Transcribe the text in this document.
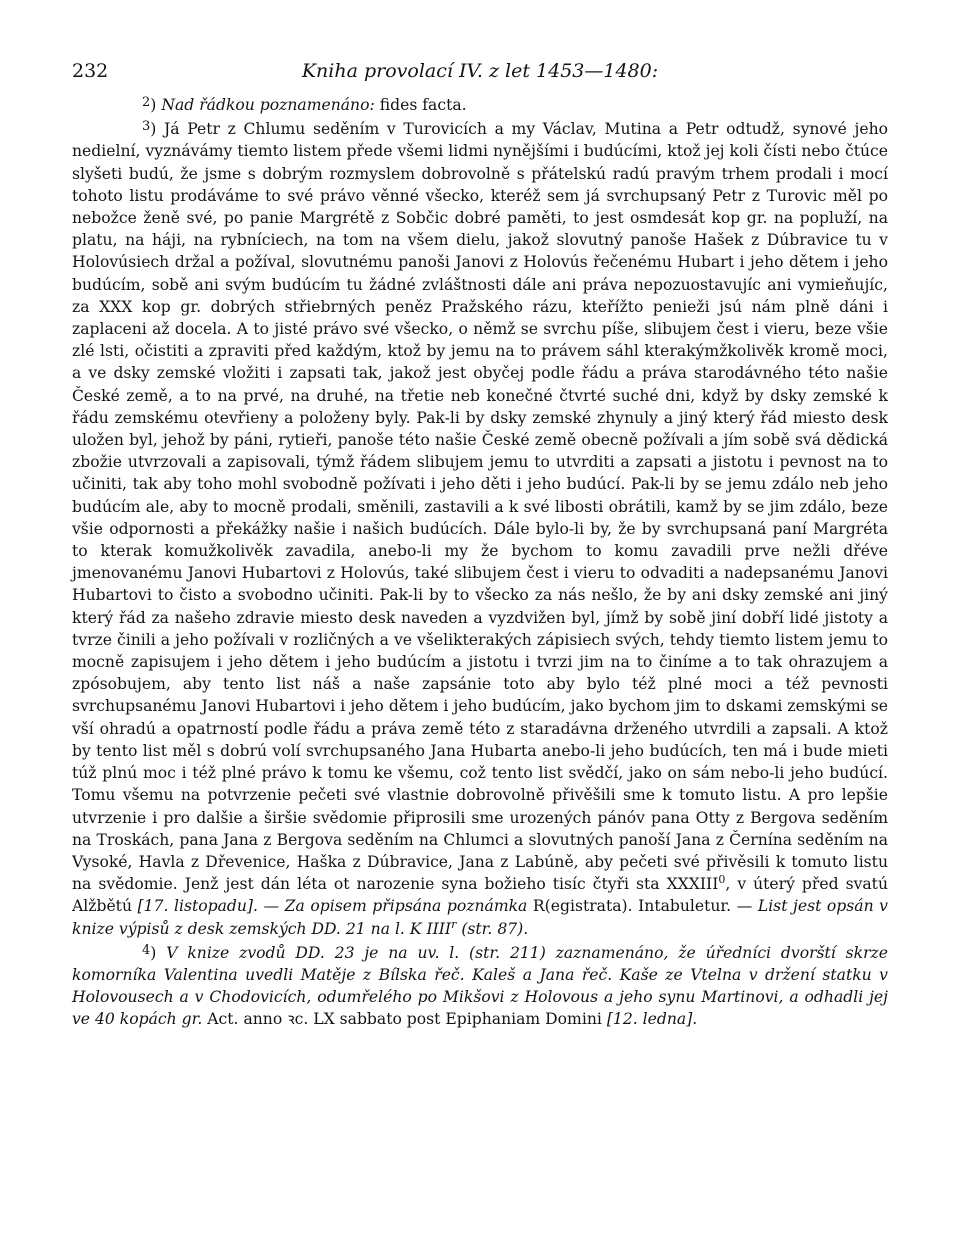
232	Kniha provolací IV. z let 1453—1480:

$^2$) Nad řádkou poznamenáno: fides facta.

$^3$) Já Petr z Chlumu seděním v Turovicích a my Václav, Mutina a Petr odtudž, synové jeho nedielní, vyznávámy tiemto listem přede všemi lidmi nynějšími i budúcími, ktož jej koli čísti nebo čtúce slyšeti budú, že jsme s dobrým rozmyslem dobrovolně s přátelskú radú pravým trhem prodali i mocí tohoto listu prodáváme to své právo věnné všecko, kteréž sem já svrchupsaný Petr z Turovic měl po nebožce ženě své, po panie Margrétě z Sobčic dobré paměti, to jest osmdesát kop gr. na popluží, na platu, na háji, na rybníciech, na tom na všem dielu, jakož slovutný panoše Hašek z Dúbravice tu v Holovúsiech držal a požíval, slovutnému panoši Janovi z Holovús řečenému Hubart i jeho dětem i jeho budúcím, sobě ani svým budúcím tu žádné zvláštnosti dále ani práva nepozuostavujíc ani vymieňujíc, za XXX kop gr. dobrých střiebrných peněz Pražského rázu, kteřížto penieži jsú nám plně dáni i zaplaceni až docela. A to jisté právo své všecko, o němž se svrchu píše, slibujem čest i vieru, beze všie zlé lsti, očistiti a zpraviti před každým, ktož by jemu na to právem sáhl kterakýmžkolivěk kromě moci, a ve dsky zemské vložiti i zapsati tak, jakož jest obyčej podle řádu a práva starodávného této našie České země, a to na prvé, na druhé, na třetie neb konečné čtvrté suché dni, když by dsky zemské k řádu zemskému otevřieny a položeny byly. Pak-li by dsky zemské zhynuly a jiný který řád miesto desk uložen byl, jehož by páni, rytieři, panoše této našie České země obecně požívali a jím sobě svá dědická zbožie utvrzovali a zapisovali, týmž řádem slibujem jemu to utvrditi a zapsati a jistotu i pevnost na to učiniti, tak aby toho mohl svobodně požívati i jeho děti i jeho budúcí. Pak-li by se jemu zdálo neb jeho budúcím ale, aby to mocně prodali, směnili, zastavili a k své libosti obrátili, kamž by se jim zdálo, beze všie odpornosti a překážky našie i našich budúcích. Dále bylo-li by, že by svrchupsaná paní Margréta to kterak komužkolivěk zavadila, anebo-li my že bychom to komu zavadili prve nežli dřéve jmenovanému Janovi Hubartovi z Holovús, také slibujem čest i vieru to odvaditi a nadepsanému Janovi Hubartovi to čisto a svobodno učiniti. Pak-li by to všecko za nás nešlo, že by ani dsky zemské ani jiný který řád za našeho zdravie miesto desk naveden a vyzdvižen byl, jímž by sobě jiní dobří lidé jistoty a tvrze činili a jeho požívali v rozličných a ve všelikterakých zápisiech svých, tehdy tiemto listem jemu to mocně zapisujem i jeho dětem i jeho budúcím a jistotu i tvrzi jim na to činíme a to tak ohrazujem a zpósobujem, aby tento list náš a naše zapsánie toto aby bylo též plné moci a též pevnosti svrchupsanému Janovi Hubartovi i jeho dětem i jeho budúcím, jako bychom jim to dskami zemskými se vší ohradú a opatrností podle řádu a práva země této z staradávna drženého utvrdili a zapsali. A ktož by tento list měl s dobrú volí svrchupsaného Jana Hubarta anebo-li jeho budúcích, ten má i bude mieti túž plnú moc i též plné právo k tomu ke všemu, což tento list svědčí, jako on sám nebo-li jeho budúcí. Tomu všemu na potvrzenie pečeti své vlastnie dobrovolně přivěšili sme k tomuto listu. A pro lepšie utvrzenie i pro dalšie a širšie svědomie připrosili sme urozených pánóv pana Otty z Bergova seděním na Troskách, pana Jana z Bergova seděním na Chlumci a slovutných panoší Jana z Černína seděním na Vysoké, Havla z Dřevenice, Haška z Dúbravice, Jana z Labúně, aby pečeti své přivěsili k tomuto listu na svědomie. Jenž jest dán léta ot narozenie syna božieho tisíc čtyři sta XXXIII$^0$, v úterý před svatú Alžbětú [17. listopadu]. — Za opisem připsána poznámka R(egistrata). Intabuletur. — List jest opsán v knize výpisů z desk zemských DD. 21 na l. K IIII$^r$ (str. 87).

$^4$) V knize zvodů DD. 23 je na uv. l. (str. 211) zaznamenáno, že úředníci dvorští skrze komorníka Valentina uvedli Matěje z Bílska řeč. Kaleš a Jana řeč. Kaše ze Vtelna v držení statku v Holovousech a v Chodovicích, odumřelého po Mikšovi z Holovous a jeho synu Martinovi, a odhadli jej ve 40 kopách gr. Act. anno ꝛc. LX sabbato post Epiphaniam Domini [12. ledna].
